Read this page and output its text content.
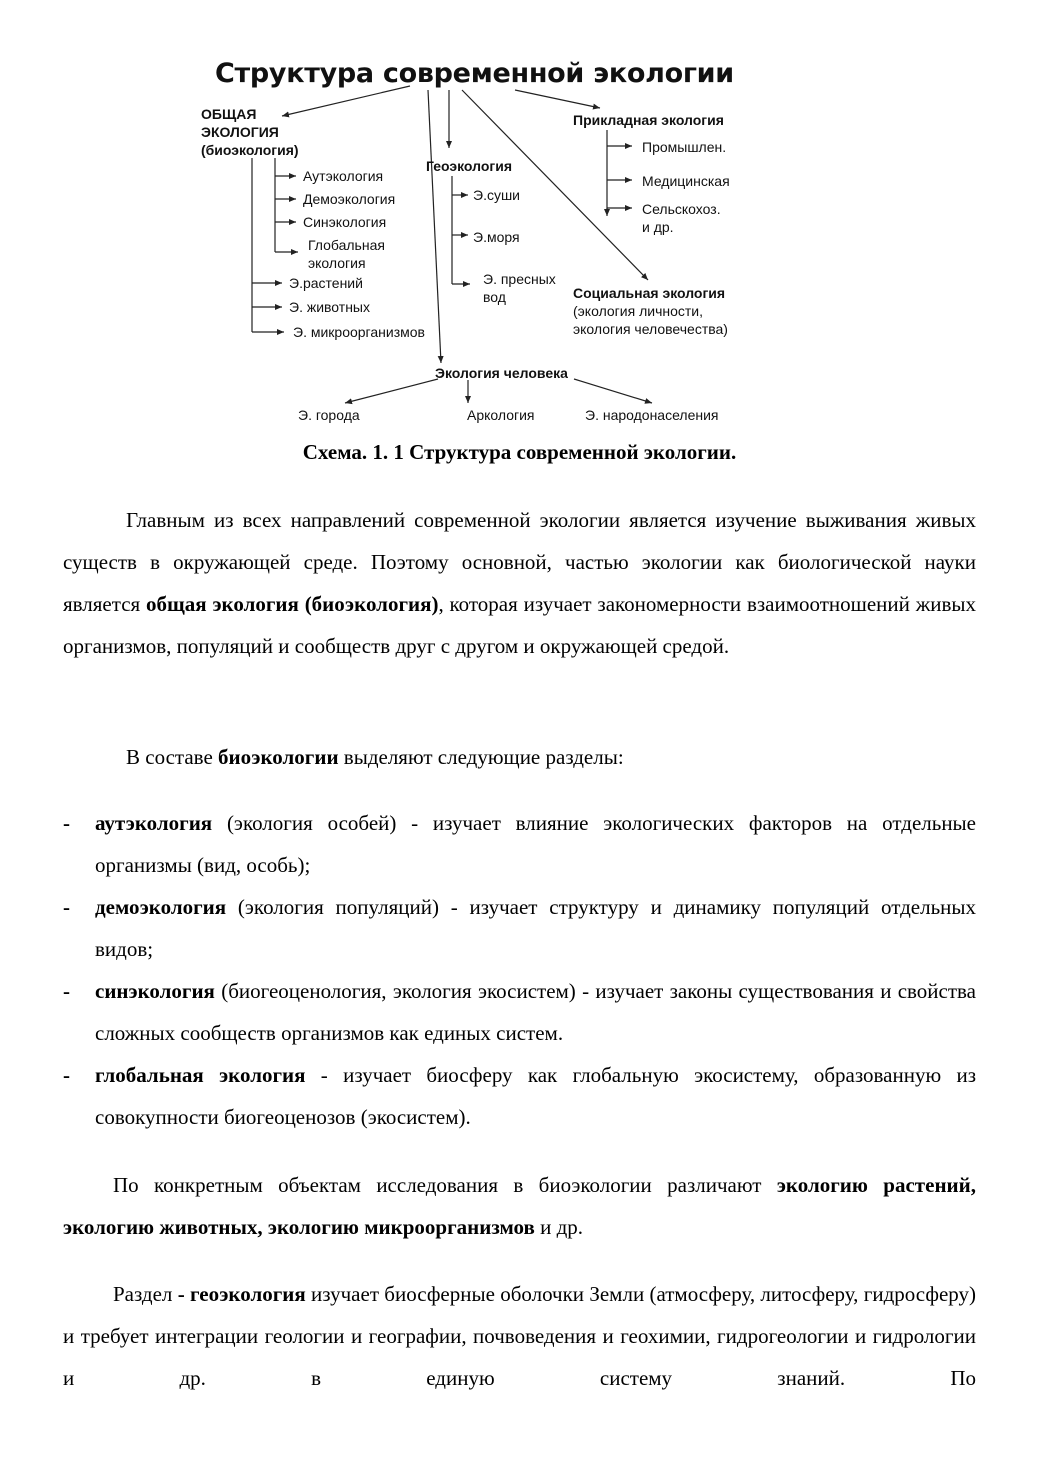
Структура современной экологии
ОБЩАЯ
ЭКОЛОГИЯ
(биоэкология)
Аутэкология
Демоэкология
Синэкология
Глобальная
экология
Э.растений
Э. животных
Э. микроорганизмов
Геоэкология
Э.суши
Э.моря
Э. пресных
вод
Прикладная экология
Промышлен.
Медицинская
Сельскохоз.
и др.
Социальная экология
(экология личности,
экология человечества)
Экология человека
Э. города	Аркология	Э. народонаселения
Схема. 1. 1 Структура современной экологии.

Главным из всех направлений современной экологии является изучение выживания живых существ в окружающей среде. Поэтому основной, частью экологии как биологической науки является общая экология (биоэкология), которая изучает закономерности взаимоотношений живых организмов, популяций и сообществ друг с другом и окружающей средой.

В составе биоэкологии выделяют следующие разделы:

- аутэкология (экология особей) - изучает влияние экологических факторов на отдельные организмы (вид, особь);
- демоэкология (экология популяций) - изучает структуру и динамику популяций отдельных видов;
- синэкология (биогеоценология, экология экосистем) - изучает законы существования и свойства сложных сообществ организмов как единых систем.
- глобальная экология - изучает биосферу как глобальную экосистему, образованную из совокупности биогеоценозов (экосистем).

По конкретным объектам исследования в биоэкологии различают экологию растений, экологию животных, экологию микроорганизмов и др.

Раздел - геоэкология изучает биосферные оболочки Земли (атмосферу, литосферу, гидросферу) и требует интеграции геологии и географии, почвоведения и геохимии, гидрогеологии и гидрологии и др. в единую систему знаний. По
